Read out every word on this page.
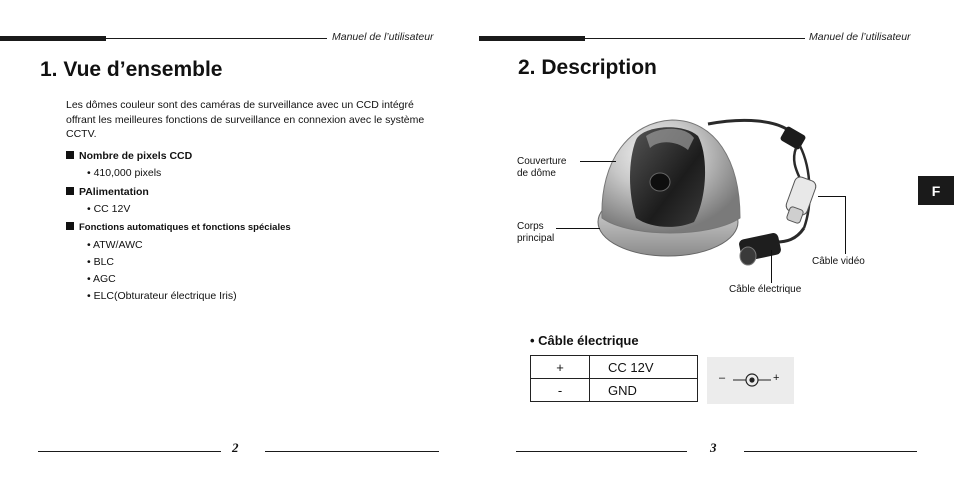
Manuel de l’utilisateur
1. Vue d’ensemble
Les dômes couleur sont des caméras de surveillance avec un CCD intégré offrant les meilleures fonctions de surveillance en connexion avec le système CCTV.
Nombre de pixels CCD
• 410,000 pixels
PAlimentation
• CC 12V
Fonctions automatiques et fonctions spéciales
• ATW/AWC
• BLC
• AGC
• ELC(Obturateur électrique Iris)
2
Manuel de l’utilisateur
2. Description
Couverture
de dôme
Corps
principal
Câble vidéo
Câble électrique
F
• Câble électrique
+	CC 12V
-	GND
–	+
3
